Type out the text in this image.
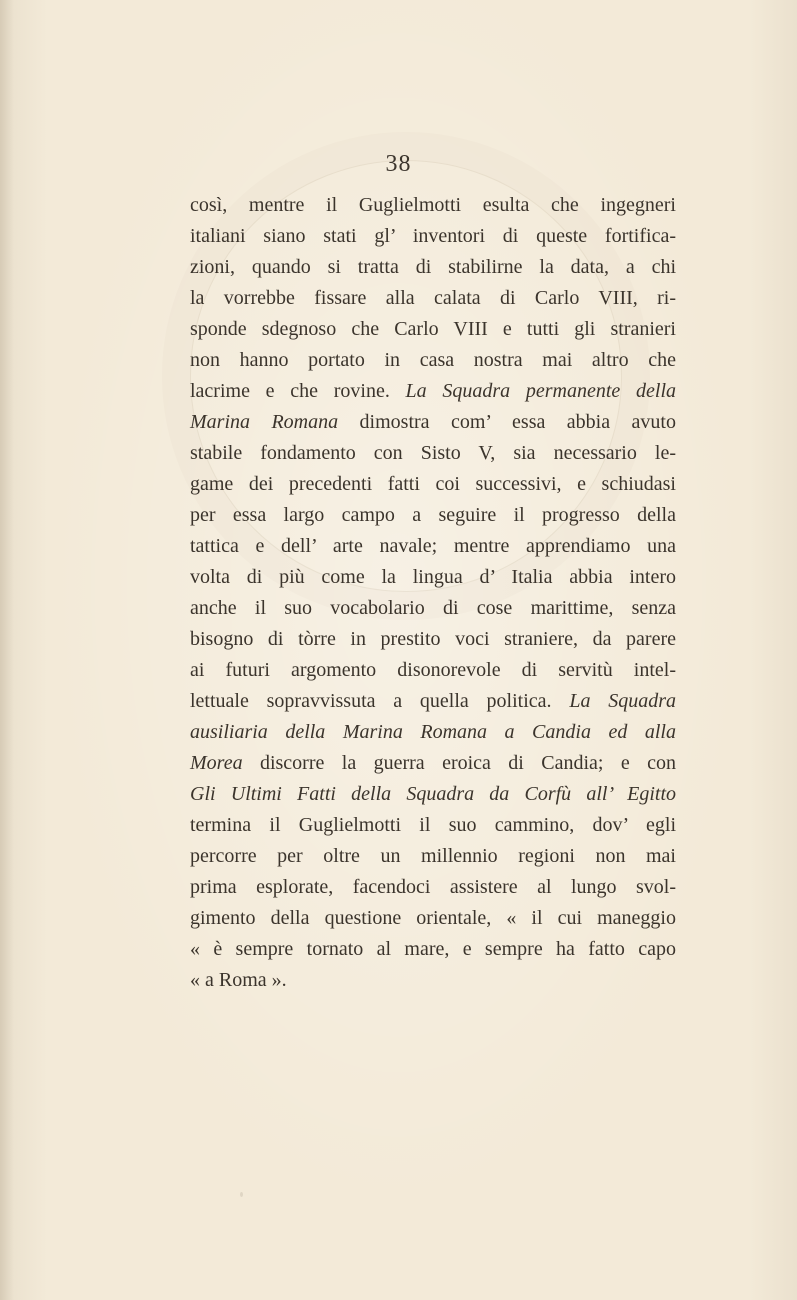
38
così, mentre il Guglielmotti esulta che ingegneri
italiani siano stati gl’ inventori di queste fortifica-
zioni, quando si tratta di stabilirne la data, a chi
la vorrebbe fissare alla calata di Carlo VIII, ri-
sponde sdegnoso che Carlo VIII e tutti gli stranieri
non hanno portato in casa nostra mai altro che
lacrime e che rovine. La Squadra permanente della
Marina Romana dimostra com’ essa abbia avuto
stabile fondamento con Sisto V, sia necessario le-
game dei precedenti fatti coi successivi, e schiudasi
per essa largo campo a seguire il progresso della
tattica e dell’ arte navale; mentre apprendiamo una
volta di più come la lingua d’ Italia abbia intero
anche il suo vocabolario di cose marittime, senza
bisogno di tòrre in prestito voci straniere, da parere
ai futuri argomento disonorevole di servitù intel-
lettuale sopravvissuta a quella politica. La Squadra
ausiliaria della Marina Romana a Candia ed alla
Morea discorre la guerra eroica di Candia; e con
Gli Ultimi Fatti della Squadra da Corfù all’ Egitto
termina il Guglielmotti il suo cammino, dov’ egli
percorre per oltre un millennio regioni non mai
prima esplorate, facendoci assistere al lungo svol-
gimento della questione orientale, « il cui maneggio
« è sempre tornato al mare, e sempre ha fatto capo
« a Roma ».
